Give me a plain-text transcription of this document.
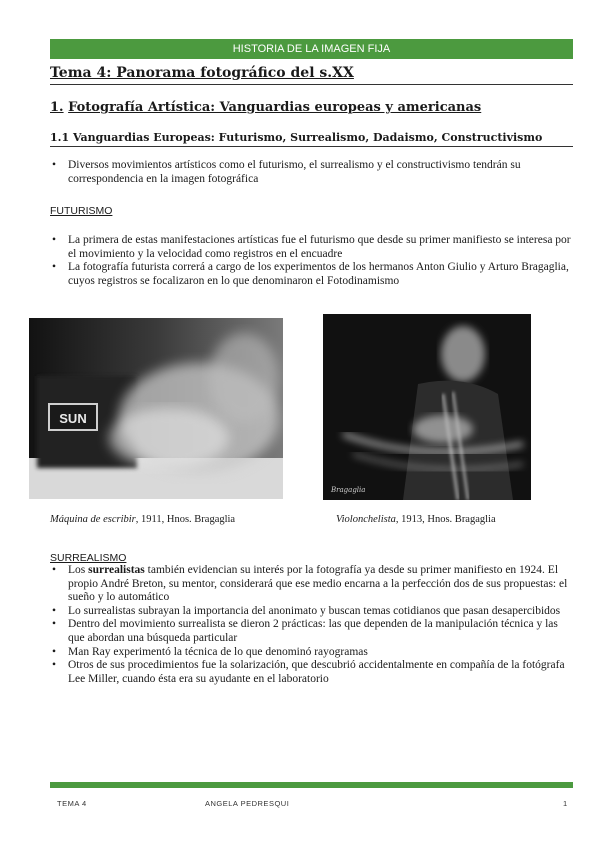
HISTORIA DE LA IMAGEN FIJA
Tema 4: Panorama fotográfico del s.XX
1. Fotografía Artística: Vanguardias europeas y americanas
1.1 Vanguardias Europeas: Futurismo, Surrealismo, Dadaismo, Constructivismo
• Diversos movimientos artísticos como el futurismo, el surrealismo y el constructivismo tendrán su correspondencia en la imagen fotográfica
FUTURISMO
• La primera de estas manifestaciones artísticas fue el futurismo que desde su primer manifiesto se interesa por el movimiento y la velocidad como registros en el encuadre
• La fotografía futurista correrá a cargo de los experimentos de los hermanos Anton Giulio y Arturo Bragaglia, cuyos registros se focalizaron en lo que denominaron el Fotodinamismo
SUN
Bragaglia
Máquina de escribir, 1911, Hnos. Bragaglia	Violonchelista, 1913, Hnos. Bragaglia
SURREALISMO
• Los surrealistas también evidencian su interés por la fotografía ya desde su primer manifiesto en 1924. El propio André Breton, su mentor, considerará que ese medio encarna a la perfección dos de sus propuestas: el sueño y lo automático
• Lo surrealistas subrayan la importancia del anonimato y buscan temas cotidianos que pasan desapercibidos
• Dentro del movimiento surrealista se dieron 2 prácticas: las que dependen de la manipulación técnica y las que abordan una búsqueda particular
• Man Ray experimentó la técnica de lo que denominó rayogramas
• Otros de sus procedimientos fue la solarización, que descubrió accidentalmente en compañía de la fotógrafa Lee Miller, cuando ésta era su ayudante en el laboratorio
TEMA 4	ANGELA PEDRESQUI	1
